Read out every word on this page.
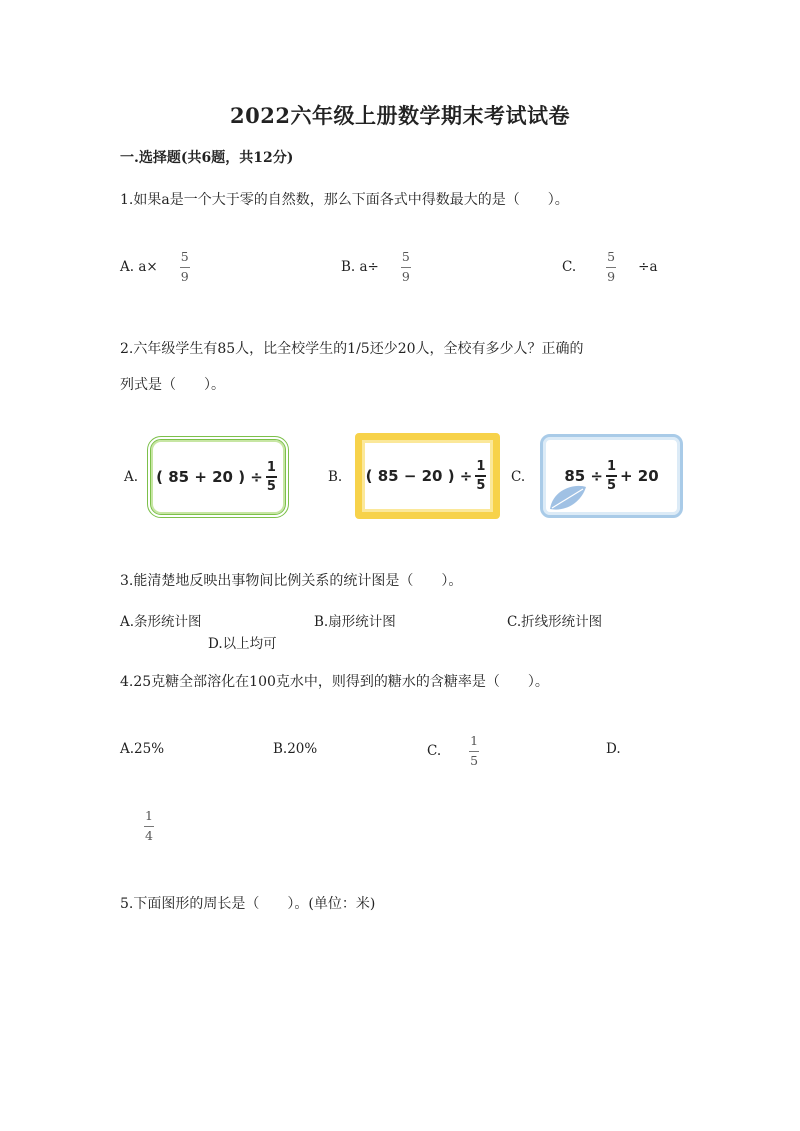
2022六年级上册数学期末考试试卷
一.选择题(共6题，共12分)
1.如果a是一个大于零的自然数，那么下面各式中得数最大的是（　　）。
A. $a\times \frac{5}{9}$	B. $a\div \frac{5}{9}$	C. $\frac{5}{9} \div a$
2.六年级学生有85人，比全校学生的1/5还少20人，全校有多少人？正确的
列式是（　　）。
A. ( 85 + 20 ) ÷
1
5
B. ( 85 − 20 ) ÷
1
5
C.	85 ÷
1
5
+ 20
3.能清楚地反映出事物间比例关系的统计图是（　　）。
A.条形统计图	B.扇形统计图	C.折线形统计图
D.以上均可
4.25克糖全部溶化在100克水中，则得到的糖水的含糖率是（　　）。
A.25%	B.20%	C. $\frac{1}{5}$	D.
1
4
5.下面图形的周长是（　　）。(单位：米)
